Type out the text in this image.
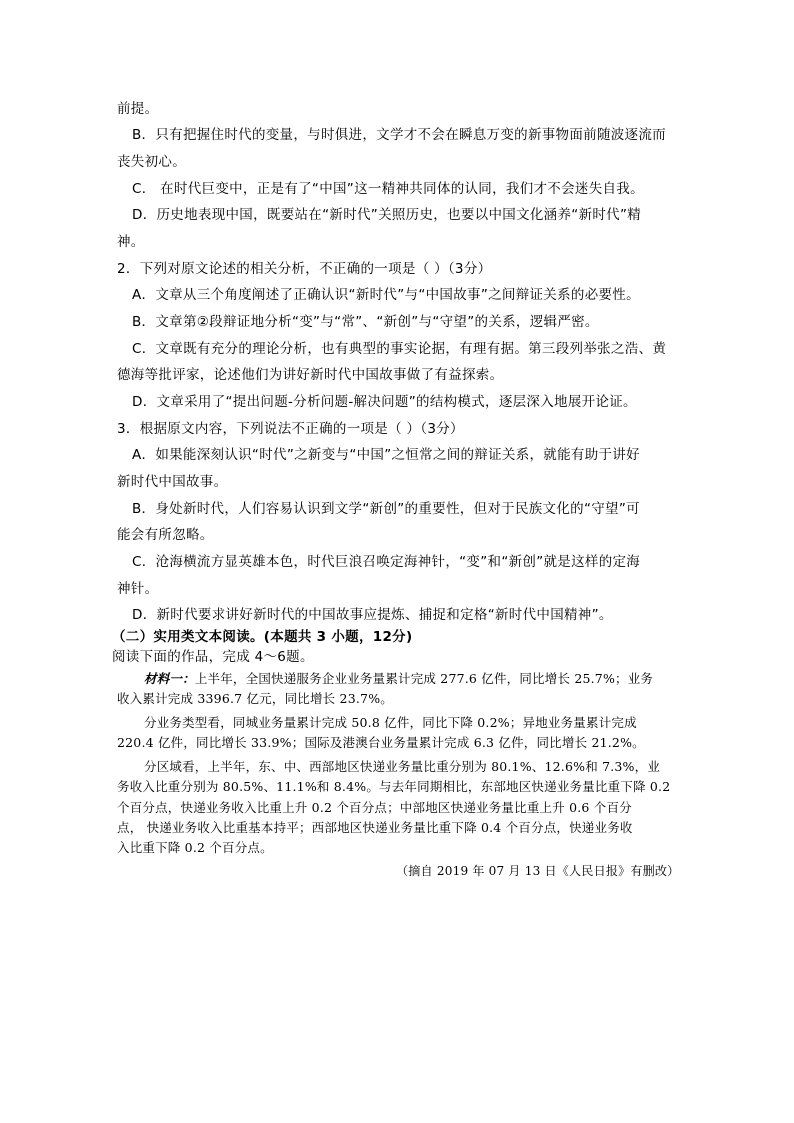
前提。
B．只有把握住时代的变量，与时俱进，文学才不会在瞬息万变的新事物面前随波逐流而
丧失初心。
C． 在时代巨变中，正是有了“中国”这一精神共同体的认同，我们才不会迷失自我。
D．历史地表现中国，既要站在“新时代”关照历史，也要以中国文化涵养“新时代”精
神。
2．下列对原文论述的相关分析，不正确的一项是（ ）（3分）
A．文章从三个角度阐述了正确认识“新时代”与“中国故事”之间辩证关系的必要性。
B．文章第②段辩证地分析“变”与“常”、“新创”与“守望”的关系，逻辑严密。
C．文章既有充分的理论分析，也有典型的事实论据，有理有据。第三段列举张之浩、黄
德海等批评家，论述他们为讲好新时代中国故事做了有益探索。
D．文章采用了“提出问题-分析问题-解决问题”的结构模式，逐层深入地展开论证。
3．根据原文内容，下列说法不正确的一项是（ ）（3分）
A．如果能深刻认识“时代”之新变与“中国”之恒常之间的辩证关系，就能有助于讲好
新时代中国故事。
B．身处新时代，人们容易认识到文学“新创”的重要性，但对于民族文化的“守望”可
能会有所忽略。
C．沧海横流方显英雄本色，时代巨浪召唤定海神针，“变”和“新创”就是这样的定海
神针。
D．新时代要求讲好新时代的中国故事应提炼、捕捉和定格“新时代中国精神”。
（二）实用类文本阅读。(本题共 3 小题，12分)
阅读下面的作品，完成 4～6题。
材料一：上半年，全国快递服务企业业务量累计完成 277.6 亿件，同比增长 25.7%；业务
收入累计完成 3396.7 亿元，同比增长 23.7%。
分业务类型看，同城业务量累计完成 50.8 亿件，同比下降 0.2%；异地业务量累计完成
220.4 亿件，同比增长 33.9%；国际及港澳台业务量累计完成 6.3 亿件，同比增长 21.2%。
分区域看，上半年，东、中、西部地区快递业务量比重分别为 80.1%、12.6%和 7.3%，业
务收入比重分别为 80.5%、11.1%和 8.4%。与去年同期相比，东部地区快递业务量比重下降 0.2
个百分点，快递业务收入比重上升 0.2 个百分点；中部地区快递业务量比重上升 0.6 个百分
点， 快递业务收入比重基本持平；西部地区快递业务量比重下降 0.4 个百分点，快递业务收
入比重下降 0.2 个百分点。
（摘自 2019 年 07 月 13 日《人民日报》有删改）
